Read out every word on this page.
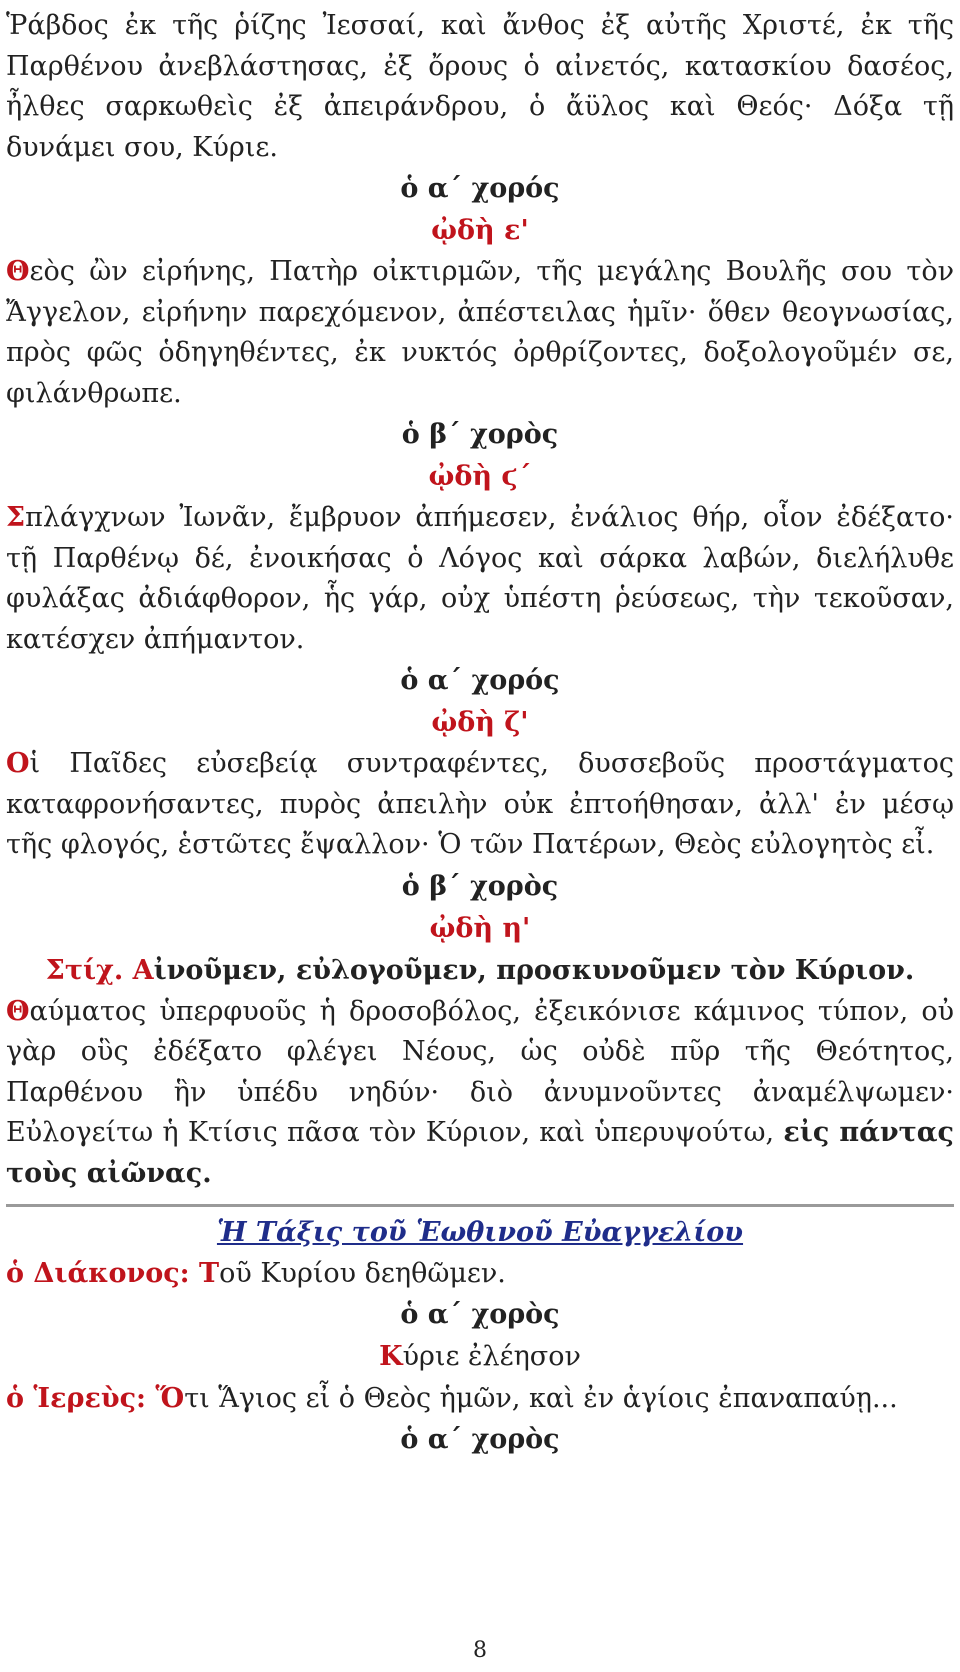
Ῥάβδος ἐκ τῆς ῥίζης Ἰεσσαί, καὶ ἄνθος ἐξ αὐτῆς Χριστέ, ἐκ τῆς Παρθένου ἀνεβλάστησας, ἐξ ὄρους ὁ αἰνετός, κατασκίου δασέος, ἦλθες σαρκωθεὶς ἐξ ἀπειράνδρου, ὁ ἄϋλος καὶ Θεός· Δόξα τῇ δυνάμει σου, Κύριε.

ὁ α΄ χορός

ᾠδὴ ε'

Θεὸς ὢν εἰρήνης, Πατὴρ οἰκτιρμῶν, τῆς μεγάλης Βουλῆς σου τὸν Ἄγγελον, εἰρήνην παρεχόμενον, ἀπέστειλας ἡμῖν· ὅθεν θεογνωσίας, πρὸς φῶς ὁδηγηθέντες, ἐκ νυκτός ὀρθρίζοντες, δοξολογοῦμέν σε, φιλάνθρωπε.

ὁ β΄ χορὸς

ᾠδὴ ϛ΄

Σπλάγχνων Ἰωνᾶν, ἔμβρυον ἀπήμεσεν, ἐνάλιος θήρ, οἷον ἐδέξατο· τῇ Παρθένῳ δέ, ἐνοικήσας ὁ Λόγος καὶ σάρκα λαβών, διελήλυθε φυλάξας ἀδιάφθορον, ἧς γάρ, οὐχ ὑπέστη ῥεύσεως, τὴν τεκοῦσαν, κατέσχεν ἀπήμαντον.

ὁ α΄ χορός

ᾠδὴ ζ'

Οἱ Παῖδες εὐσεβείᾳ συντραφέντες, δυσσεβοῦς προστάγματος καταφρονήσαντες, πυρὸς ἀπειλὴν οὐκ ἐπτοήθησαν, ἀλλ' ἐν μέσῳ τῆς φλογός, ἑστῶτες ἔψαλλον· Ὁ τῶν Πατέρων, Θεὸς εὐλογητὸς εἶ.

ὁ β΄ χορὸς

ᾠδὴ η'

Στίχ. Αἰνοῦμεν, εὐλογοῦμεν, προσκυνοῦμεν τὸν Κύριον.

Θαύματος ὑπερφυοῦς ἡ δροσοβόλος, ἐξεικόνισε κάμινος τύπον, οὐ γὰρ οὓς ἐδέξατο φλέγει Νέους, ὡς οὐδὲ πῦρ τῆς Θεότητος, Παρθένου ἣν ὑπέδυ νηδύν· διὸ ἀνυμνοῦντες ἀναμέλψωμεν· Εὐλογείτω ἡ Κτίσις πᾶσα τὸν Κύριον, καὶ ὑπερυψούτω, εἰς πάντας τοὺς αἰῶνας.

Ἡ Τάξις τοῦ Ἑωθινοῦ Εὐαγγελίου

ὁ Διάκονος: Τοῦ Κυρίου δεηθῶμεν.

ὁ α΄ χορὸς

Κύριε ἐλέησον

ὁ Ἱερεὺς: Ὅτι Ἅγιος εἶ ὁ Θεὸς ἡμῶν, καὶ ἐν ἁγίοις ἐπαναπαύῃ...

ὁ α΄ χορὸς

8
